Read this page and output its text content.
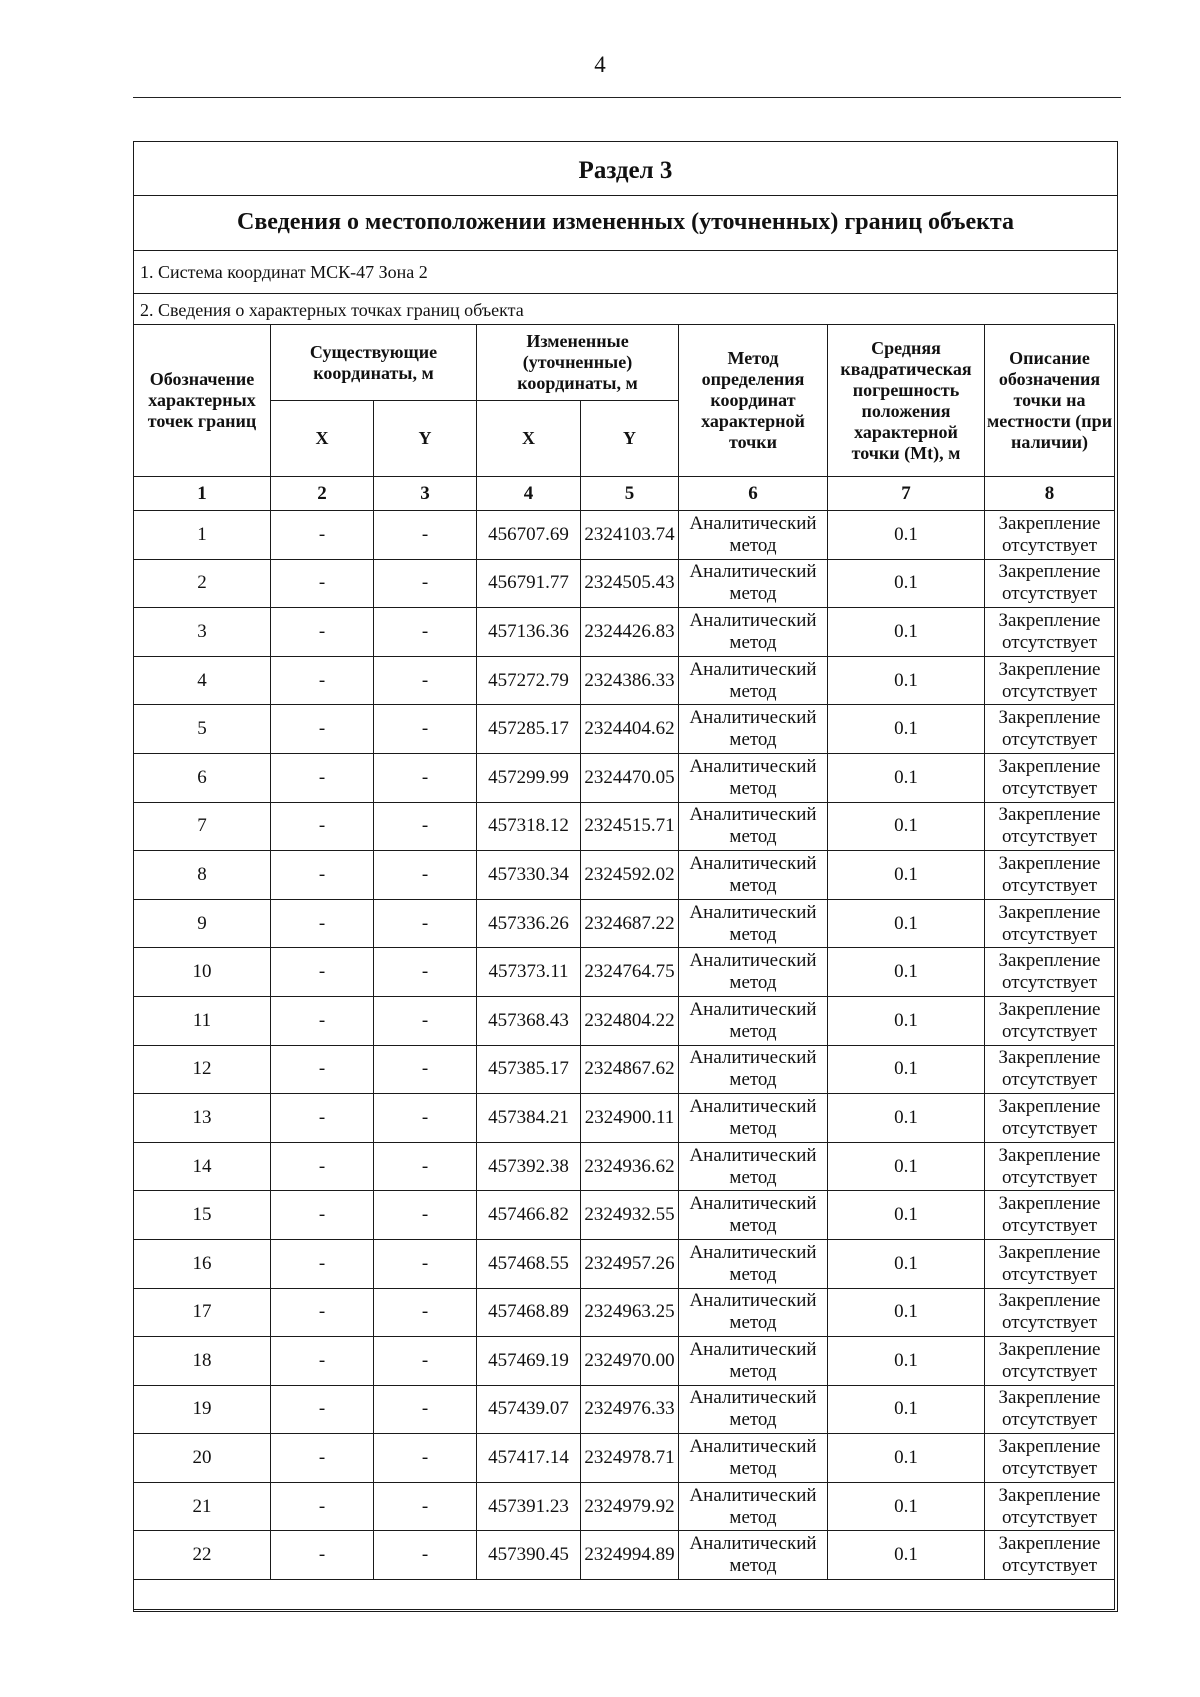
4
Раздел 3
Сведения о местоположении измененных (уточненных) границ объекта
1. Система координат МСК-47 Зона 2
2. Сведения о характерных точках границ объекта
Обозначение характерных точек границ	Существующие координаты, м		Измененные (уточненные) координаты, м		Метод определения координат характерной точки	Средняя квадратическая погрешность положения характерной точки (Mt), м	Описание обозначения точки на местности (при наличии)
	X	Y	X	Y			
1	2	3	4	5	6	7	8
1	-	-	456707.69	2324103.74	Аналитический метод	0.1	Закрепление отсутствует
2	-	-	456791.77	2324505.43	Аналитический метод	0.1	Закрепление отсутствует
3	-	-	457136.36	2324426.83	Аналитический метод	0.1	Закрепление отсутствует
4	-	-	457272.79	2324386.33	Аналитический метод	0.1	Закрепление отсутствует
5	-	-	457285.17	2324404.62	Аналитический метод	0.1	Закрепление отсутствует
6	-	-	457299.99	2324470.05	Аналитический метод	0.1	Закрепление отсутствует
7	-	-	457318.12	2324515.71	Аналитический метод	0.1	Закрепление отсутствует
8	-	-	457330.34	2324592.02	Аналитический метод	0.1	Закрепление отсутствует
9	-	-	457336.26	2324687.22	Аналитический метод	0.1	Закрепление отсутствует
10	-	-	457373.11	2324764.75	Аналитический метод	0.1	Закрепление отсутствует
11	-	-	457368.43	2324804.22	Аналитический метод	0.1	Закрепление отсутствует
12	-	-	457385.17	2324867.62	Аналитический метод	0.1	Закрепление отсутствует
13	-	-	457384.21	2324900.11	Аналитический метод	0.1	Закрепление отсутствует
14	-	-	457392.38	2324936.62	Аналитический метод	0.1	Закрепление отсутствует
15	-	-	457466.82	2324932.55	Аналитический метод	0.1	Закрепление отсутствует
16	-	-	457468.55	2324957.26	Аналитический метод	0.1	Закрепление отсутствует
17	-	-	457468.89	2324963.25	Аналитический метод	0.1	Закрепление отсутствует
18	-	-	457469.19	2324970.00	Аналитический метод	0.1	Закрепление отсутствует
19	-	-	457439.07	2324976.33	Аналитический метод	0.1	Закрепление отсутствует
20	-	-	457417.14	2324978.71	Аналитический метод	0.1	Закрепление отсутствует
21	-	-	457391.23	2324979.92	Аналитический метод	0.1	Закрепление отсутствует
22	-	-	457390.45	2324994.89	Аналитический метод	0.1	Закрепление отсутствует
